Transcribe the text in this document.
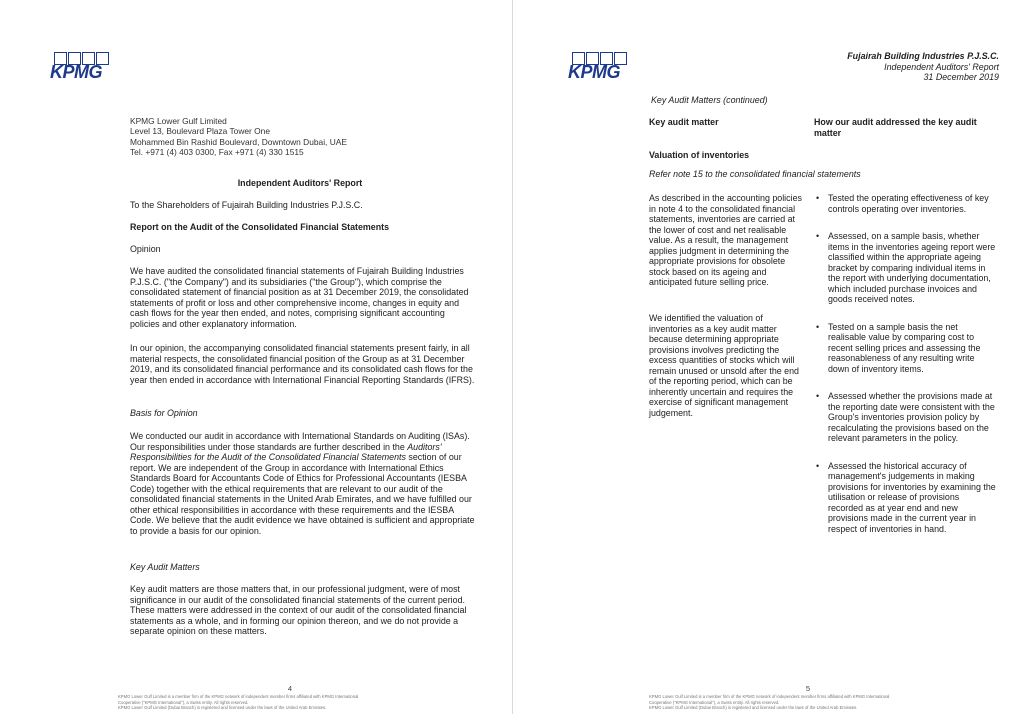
KPMG
KPMG Lower Gulf Limited
Level 13, Boulevard Plaza Tower One
Mohammed Bin Rashid Boulevard, Downtown Dubai, UAE
Tel. +971 (4) 403 0300, Fax +971 (4) 330 1515
Independent Auditors' Report
To the Shareholders of Fujairah Building Industries P.J.S.C.
Report on the Audit of the Consolidated Financial Statements
Opinion
We have audited the consolidated financial statements of Fujairah Building Industries P.J.S.C. ("the Company") and its subsidiaries ("the Group"), which comprise the consolidated statement of financial position as at 31 December 2019, the consolidated statements of profit or loss and other comprehensive income, changes in equity and cash flows for the year then ended, and notes, comprising significant accounting policies and other explanatory information.
In our opinion, the accompanying consolidated financial statements present fairly, in all material respects, the consolidated financial position of the Group as at 31 December 2019, and its consolidated financial performance and its consolidated cash flows for the year then ended in accordance with International Financial Reporting Standards (IFRS).
Basis for Opinion
We conducted our audit in accordance with International Standards on Auditing (ISAs). Our responsibilities under those standards are further described in the Auditors' Responsibilities for the Audit of the Consolidated Financial Statements section of our report. We are independent of the Group in accordance with International Ethics Standards Board for Accountants Code of Ethics for Professional Accountants (IESBA Code) together with the ethical requirements that are relevant to our audit of the consolidated financial statements in the United Arab Emirates, and we have fulfilled our other ethical responsibilities in accordance with these requirements and the IESBA Code. We believe that the audit evidence we have obtained is sufficient and appropriate to provide a basis for our opinion.
Key Audit Matters
Key audit matters are those matters that, in our professional judgment, were of most significance in our audit of the consolidated financial statements of the current period. These matters were addressed in the context of our audit of the consolidated financial statements as a whole, and in forming our opinion thereon, and we do not provide a separate opinion on these matters.
4
KPMG Lower Gulf Limited is a member firm of the KPMG network of independent member firms affiliated with KPMG International
Cooperative ("KPMG International"), a Swiss entity. All rights reserved.
KPMG Lower Gulf Limited (Dubai Branch) is registered and licensed under the laws of the United Arab Emirates.
KPMG
Fujairah Building Industries P.J.S.C.
Independent Auditors' Report
31 December 2019
Key Audit Matters (continued)
Key audit matter	How our audit addressed the key audit matter
Valuation of inventories
Refer note 15 to the consolidated financial statements
As described in the accounting policies in note 4 to the consolidated financial statements, inventories are carried at the lower of cost and net realisable value. As a result, the management applies judgment in determining the appropriate provisions for obsolete stock based on its ageing and anticipated future selling price.
We identified the valuation of inventories as a key audit matter because determining appropriate provisions involves predicting the excess quantities of stocks which will remain unused or unsold after the end of the reporting period, which can be inherently uncertain and requires the exercise of significant management judgement.
• Tested the operating effectiveness of key controls operating over inventories.
• Assessed, on a sample basis, whether items in the inventories ageing report were classified within the appropriate ageing bracket by comparing individual items in the report with underlying documentation, which included purchase invoices and goods received notes.
• Tested on a sample basis the net realisable value by comparing cost to recent selling prices and assessing the reasonableness of any resulting write down of inventory items.
• Assessed whether the provisions made at the reporting date were consistent with the Group's inventories provision policy by recalculating the provisions based on the relevant parameters in the policy.
• Assessed the historical accuracy of management's judgements in making provisions for inventories by examining the utilisation or release of provisions recorded as at year end and new provisions made in the current year in respect of inventories in hand.
5
KPMG Lower Gulf Limited is a member firm of the KPMG network of independent member firms affiliated with KPMG International
Cooperative ("KPMG International"), a Swiss entity. All rights reserved.
KPMG Lower Gulf Limited (Dubai Branch) is registered and licensed under the laws of the United Arab Emirates.
